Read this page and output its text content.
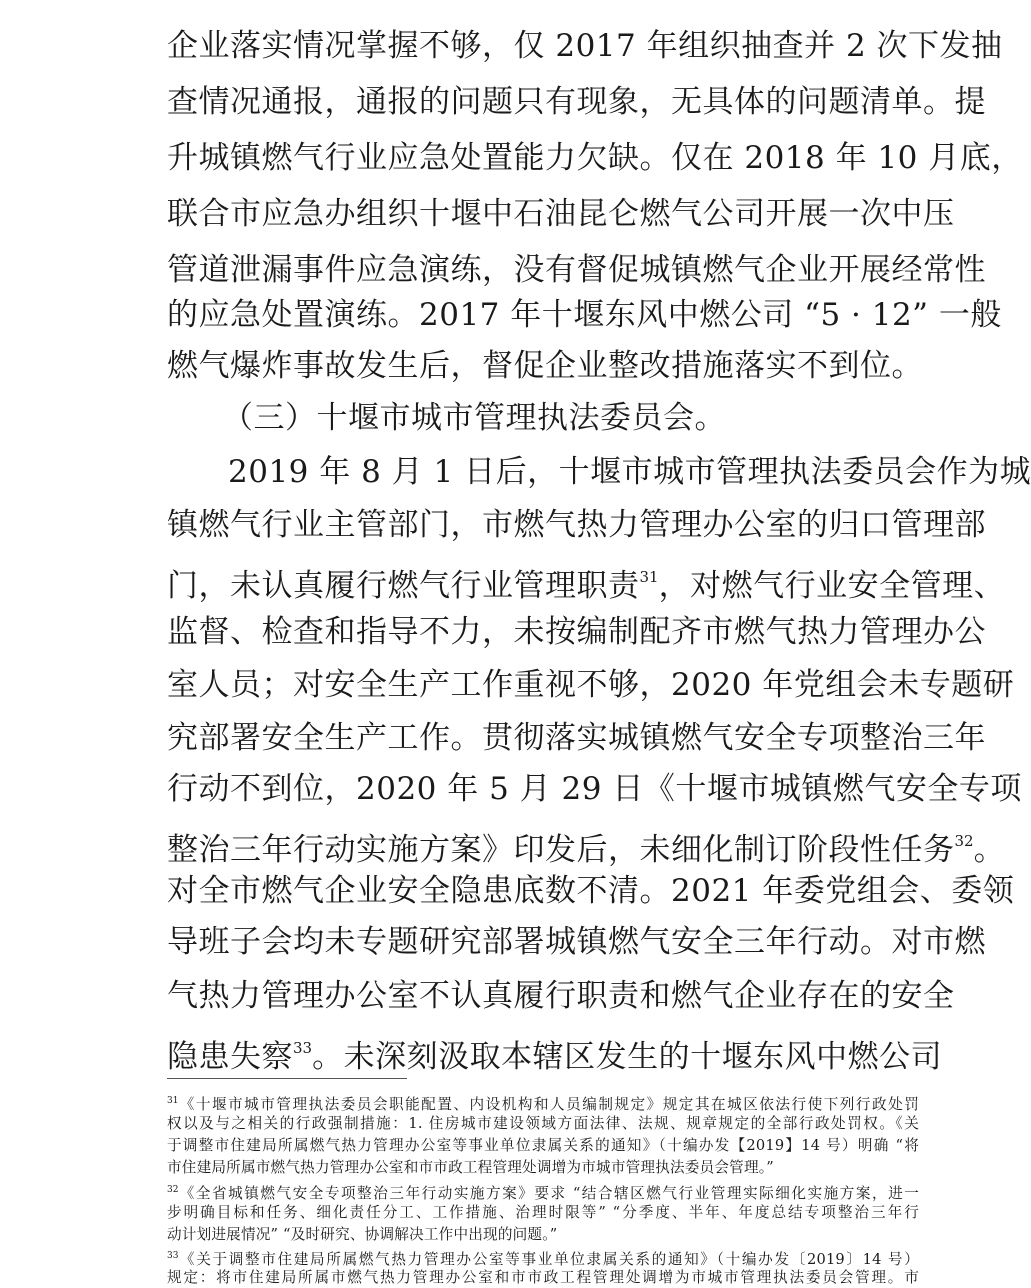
企业落实情况掌握不够，仅 2017 年组织抽查并 2 次下发抽
查情况通报，通报的问题只有现象，无具体的问题清单。提
升城镇燃气行业应急处置能力欠缺。仅在 2018 年 10 月底，
联合市应急办组织十堰中石油昆仑燃气公司开展一次中压
管道泄漏事件应急演练，没有督促城镇燃气企业开展经常性
的应急处置演练。2017 年十堰东风中燃公司 “5 · 12” 一般
燃气爆炸事故发生后，督促企业整改措施落实不到位。
（三）十堰市城市管理执法委员会。
2019 年 8 月 1 日后，十堰市城市管理执法委员会作为城
镇燃气行业主管部门，市燃气热力管理办公室的归口管理部
门，未认真履行燃气行业管理职责$^{31}$，对燃气行业安全管理、
监督、检查和指导不力，未按编制配齐市燃气热力管理办公
室人员；对安全生产工作重视不够，2020 年党组会未专题研
究部署安全生产工作。贯彻落实城镇燃气安全专项整治三年
行动不到位，2020 年 5 月 29 日《十堰市城镇燃气安全专项
整治三年行动实施方案》印发后，未细化制订阶段性任务$^{32}$。
对全市燃气企业安全隐患底数不清。2021 年委党组会、委领
导班子会均未专题研究部署城镇燃气安全三年行动。对市燃
气热力管理办公室不认真履行职责和燃气企业存在的安全
隐患失察$^{33}$。未深刻汲取本辖区发生的十堰东风中燃公司
$^{31}$《十堰市城市管理执法委员会职能配置、内设机构和人员编制规定》规定其在城区依法行使下列行政处罚
权以及与之相关的行政强制措施：1. 住房城市建设领域方面法律、法规、规章规定的全部行政处罚权。《关
于调整市住建局所属燃气热力管理办公室等事业单位隶属关系的通知》（十编办发【2019】14 号）明确 “将
市住建局所属市燃气热力管理办公室和市市政工程管理处调增为市城市管理执法委员会管理。”
$^{32}$《全省城镇燃气安全专项整治三年行动实施方案》要求 “结合辖区燃气行业管理实际细化实施方案，进一
步明确目标和任务、细化责任分工、工作措施、治理时限等” “分季度、半年、年度总结专项整治三年行
动计划进展情况” “及时研究、协调解决工作中出现的问题。”
$^{33}$《关于调整市住建局所属燃气热力管理办公室等事业单位隶属关系的通知》（十编办发〔2019〕14 号）
规定：将市住建局所属市燃气热力管理办公室和市市政工程管理处调增为市城市管理执法委员会管理。市
